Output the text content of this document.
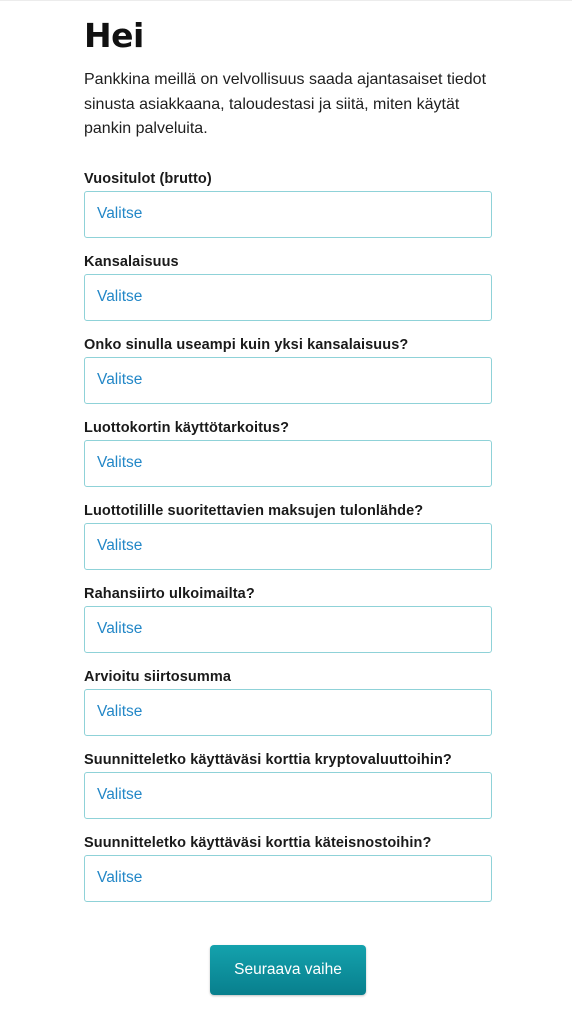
Hei

Pankkina meillä on velvollisuus saada ajantasaiset tiedot sinusta asiakkaana, taloudestasi ja siitä, miten käytät pankin palveluita.

Vuositulot (brutto)
Valitse
Kansalaisuus
Valitse
Onko sinulla useampi kuin yksi kansalaisuus?
Valitse
Luottokortin käyttötarkoitus?
Valitse
Luottotilille suoritettavien maksujen tulonlähde?
Valitse
Rahansiirto ulkoimailta?
Valitse
Arvioitu siirtosumma
Valitse
Suunnitteletko käyttäväsi korttia kryptovaluuttoihin?
Valitse
Suunnitteletko käyttäväsi korttia käteisnostoihin?
Valitse
Seuraava vaihe
